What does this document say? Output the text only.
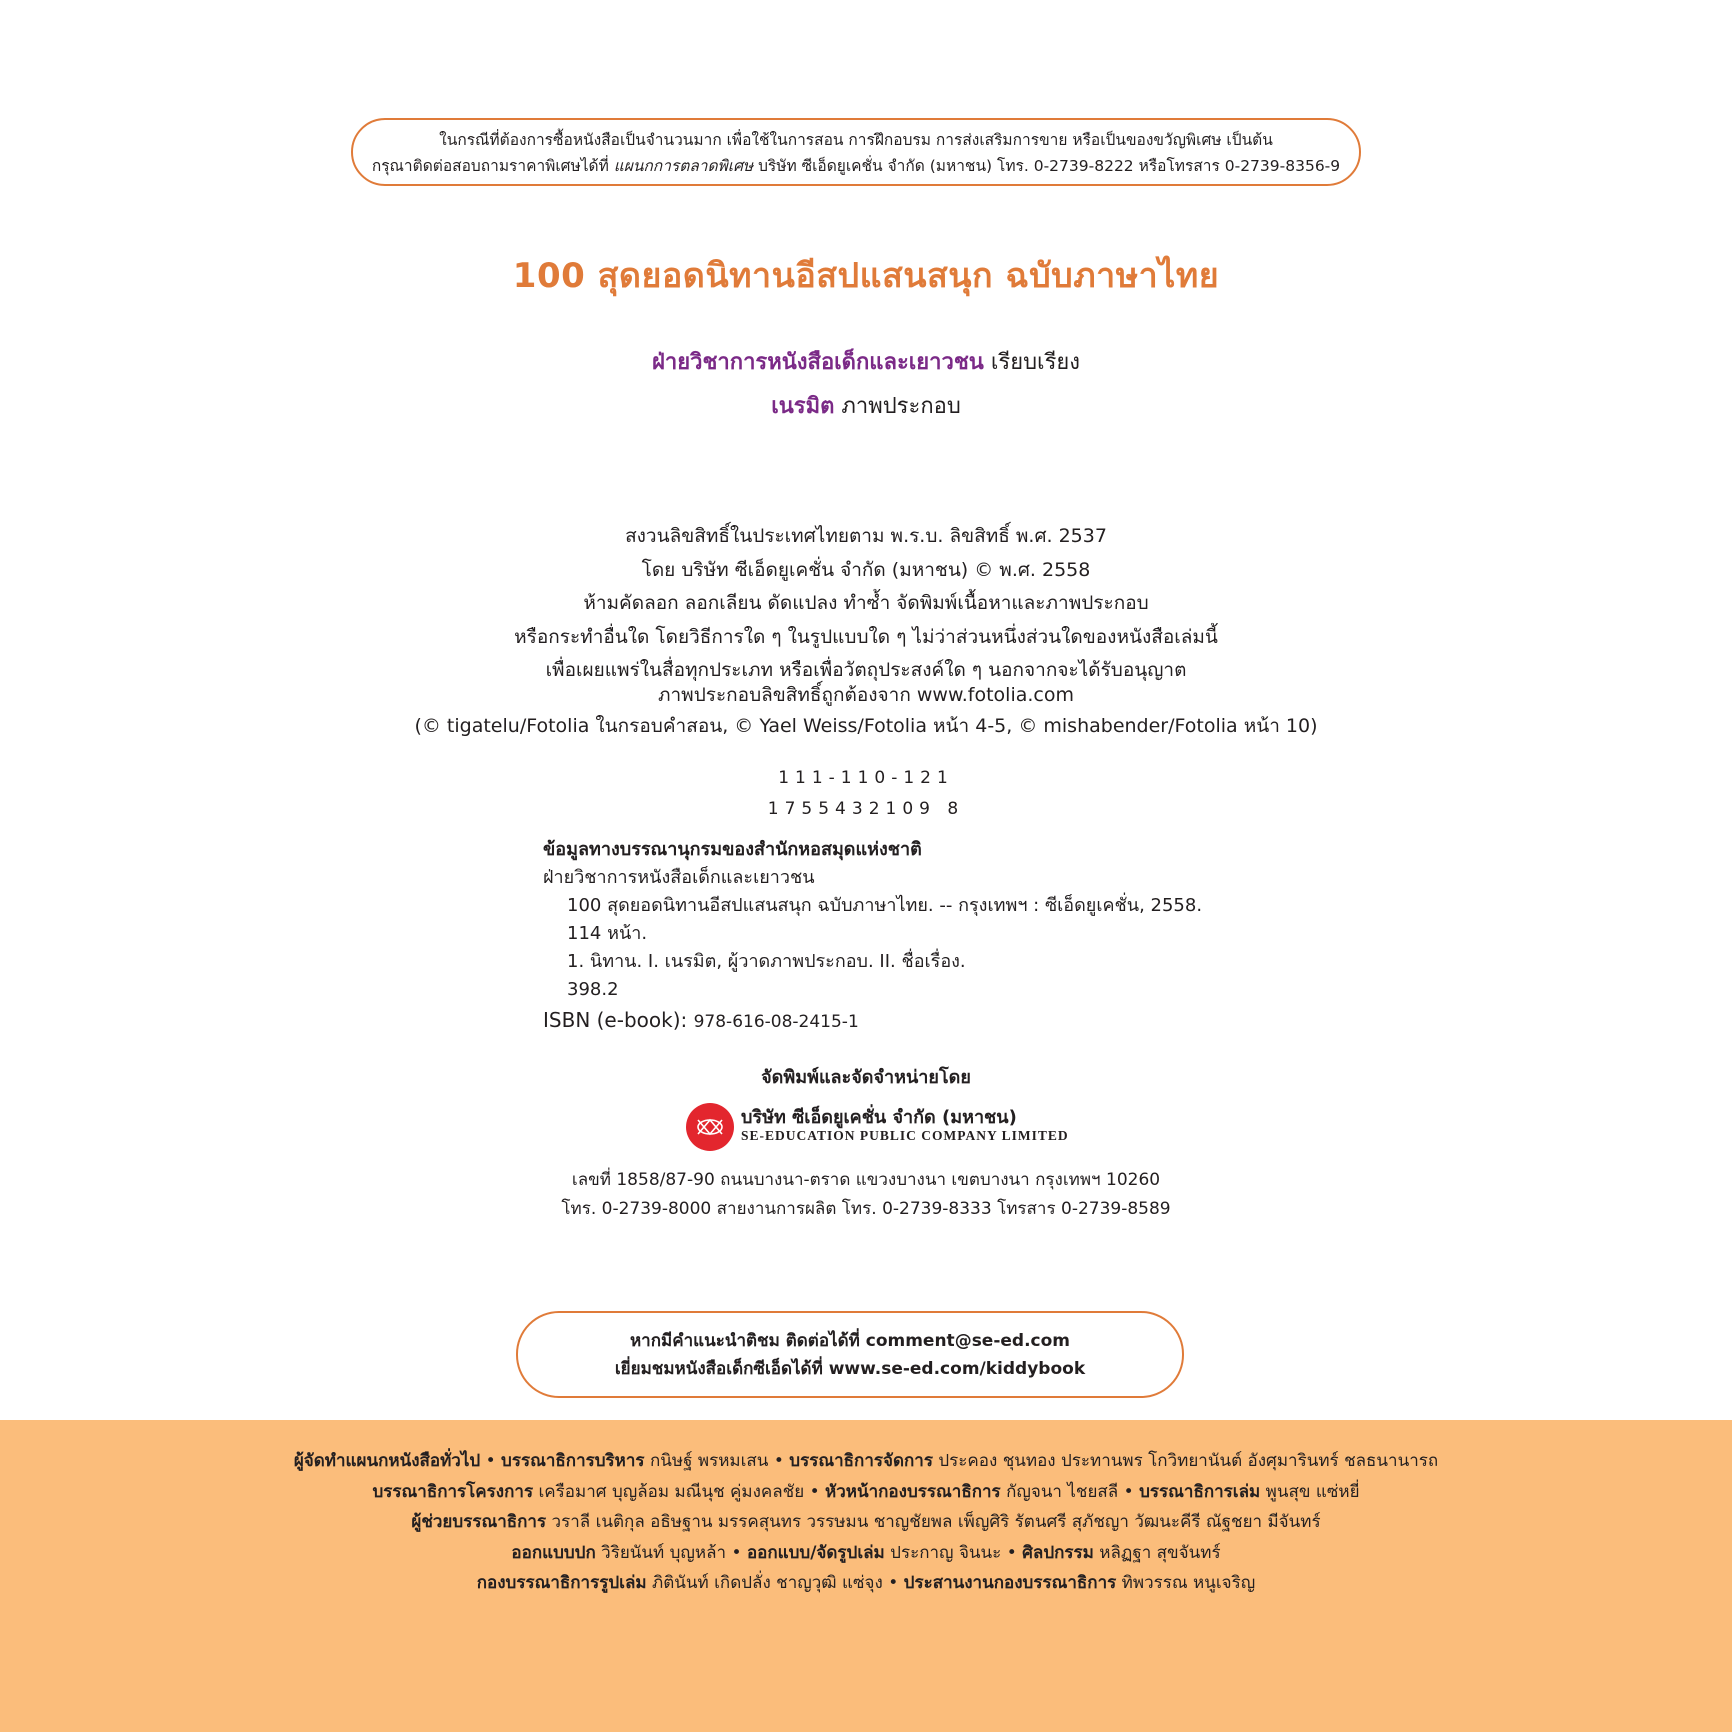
ในกรณีที่ต้องการซื้อหนังสือเป็นจำนวนมาก เพื่อใช้ในการสอน การฝึกอบรม การส่งเสริมการขาย หรือเป็นของขวัญพิเศษ เป็นต้น
กรุณาติดต่อสอบถามราคาพิเศษได้ที่ แผนกการตลาดพิเศษ บริษัท ซีเอ็ดยูเคชั่น จำกัด (มหาชน) โทร. 0-2739-8222 หรือโทรสาร 0-2739-8356-9
100 สุดยอดนิทานอีสปแสนสนุก ฉบับภาษาไทย
ฝ่ายวิชาการหนังสือเด็กและเยาวชน เรียบเรียง
เนรมิต ภาพประกอบ
สงวนลิขสิทธิ์ในประเทศไทยตาม พ.ร.บ. ลิขสิทธิ์ พ.ศ. 2537
โดย บริษัท ซีเอ็ดยูเคชั่น จำกัด (มหาชน) © พ.ศ. 2558
ห้ามคัดลอก ลอกเลียน ดัดแปลง ทำซ้ำ จัดพิมพ์เนื้อหาและภาพประกอบ
หรือกระทำอื่นใด โดยวิธีการใด ๆ ในรูปแบบใด ๆ ไม่ว่าส่วนหนึ่งส่วนใดของหนังสือเล่มนี้
เพื่อเผยแพร่ในสื่อทุกประเภท หรือเพื่อวัตถุประสงค์ใด ๆ นอกจากจะได้รับอนุญาต
ภาพประกอบลิขสิทธิ์ถูกต้องจาก www.fotolia.com
(© tigatelu/Fotolia ในกรอบคำสอน, © Yael Weiss/Fotolia หน้า 4-5, © mishabender/Fotolia หน้า 10)
111-110-121
1755432109 8
ข้อมูลทางบรรณานุกรมของสำนักหอสมุดแห่งชาติ
ฝ่ายวิชาการหนังสือเด็กและเยาวชน
100 สุดยอดนิทานอีสปแสนสนุก ฉบับภาษาไทย. -- กรุงเทพฯ : ซีเอ็ดยูเคชั่น, 2558.
114 หน้า.
1. นิทาน. I. เนรมิต, ผู้วาดภาพประกอบ. II. ชื่อเรื่อง.
398.2
ISBN (e-book): 978-616-08-2415-1
จัดพิมพ์และจัดจำหน่ายโดย
บริษัท ซีเอ็ดยูเคชั่น จำกัด (มหาชน)
SE-EDUCATION PUBLIC COMPANY LIMITED
เลขที่ 1858/87-90 ถนนบางนา-ตราด แขวงบางนา เขตบางนา กรุงเทพฯ 10260
โทร. 0-2739-8000 สายงานการผลิต โทร. 0-2739-8333 โทรสาร 0-2739-8589
หากมีคำแนะนำติชม ติดต่อได้ที่ comment@se-ed.com
เยี่ยมชมหนังสือเด็กซีเอ็ดได้ที่ www.se-ed.com/kiddybook
ผู้จัดทำแผนกหนังสือทั่วไป • บรรณาธิการบริหาร กนิษฐ์ พรหมเสน • บรรณาธิการจัดการ ประคอง ชุนทอง ประทานพร โกวิทยานันต์ อังศุมารินทร์ ชลธนานารถ
บรรณาธิการโครงการ เครือมาศ บุญล้อม มณีนุช คู่มงคลชัย • หัวหน้ากองบรรณาธิการ กัญจนา ไชยสลี • บรรณาธิการเล่ม พูนสุข แซ่หยี่
ผู้ช่วยบรรณาธิการ วราลี เนติกุล อธิษฐาน มรรคสุนทร วรรษมน ชาญชัยพล เพ็ญศิริ รัตนศรี สุภัชญา วัฒนะคีรี ณัฐชยา มีจันทร์
ออกแบบปก วิริยนันท์ บุญหล้า • ออกแบบ/จัดรูปเล่ม ประกาญ จินนะ • ศิลปกรรม หลิฏฐา สุขจันทร์
กองบรรณาธิการรูปเล่ม ภิตินันท์ เกิดปลั่ง ชาญวุฒิ แซ่จุง • ประสานงานกองบรรณาธิการ ทิพวรรณ หนูเจริญ
